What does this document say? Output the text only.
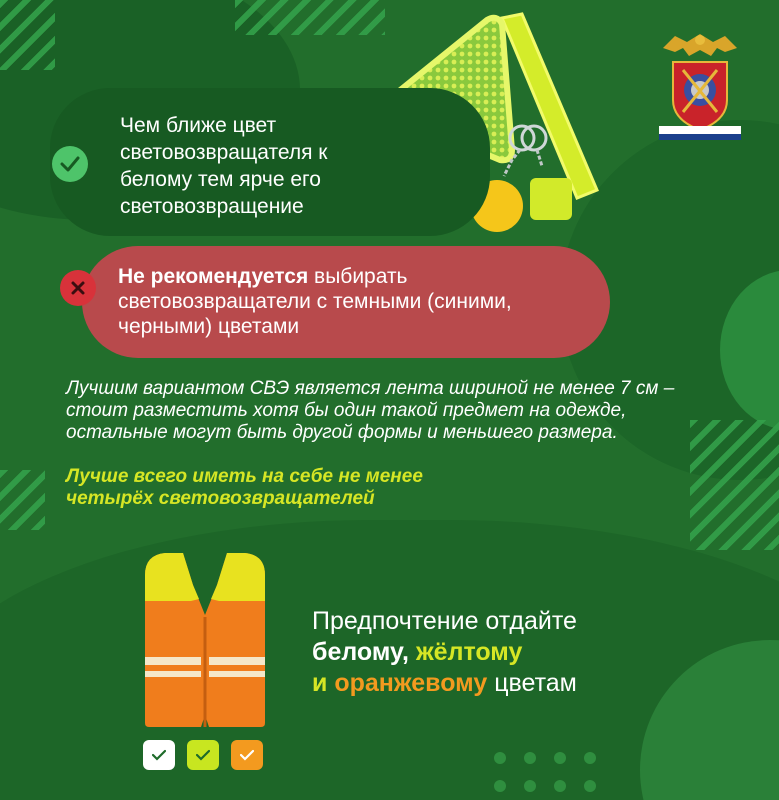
Чем ближе цвет световозвращателя к белому тем ярче его световозвращение
Не рекомендуется выбирать световозвращатели с темными (синими, черными) цветами
Лучшим вариантом СВЭ является лента шириной не менее 7 см – стоит разместить хотя бы один такой предмет на одежде, остальные могут быть другой формы и меньшего размера.
Лучше всего иметь на себе не менее четырёх световозвращателей
Предпочтение отдайте
белому, жёлтому
и оранжевому цветам
